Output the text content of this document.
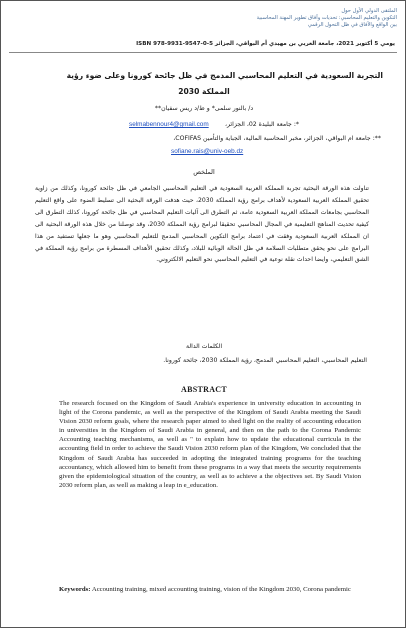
الملتقى الدولي الأول حول
التكوين والتعليم المحاسبي: تحديات وآفاق تطوير المهنة المحاسبية
بين الواقع والآفاق في ظل التحول الرقمي
يومي 5 أكتوبر 2021، جامعة العربي بن مهيدي أم البواقي، الجزائر ISBN 978-9931-9547-0-5
التجربة السعودية في التعليم المحاسبي المدمج في ظل جائحة كورونا وعلى ضوء رؤية
المملكة 2030
د/ بالنور سلمى* و ط/د ريس سفيان**
selmabennour4@gmail.com	*: جامعة البليدة 02، الجزائر،
**: جامعة ام البواقي، الجزائر، مخبر المحاسبة المالية، الجباية والتأمين COFIFAS،
sofiane.rais@univ-oeb.dz
الملخص
تناولت هذه الورقة البحثية تجربة المملكة العربية السعودية في التعليم المحاسبي الجامعي في ظل جائحة كورونا، وكذلك من زاوية تحقيق المملكة العربية السعودية لأهداف برامج رؤية المملكة 2030، حيث هدفت الورقة البحثية الى تسليط الضوء على واقع التعليم المحاسبي بجامعات المملكة العربية السعودية عامة، ثم التطرق الى آليات التعليم المحاسبي في ظل جائحة كورونا، كذلك التطرق الى كيفية تحديث المناهج التعليمية في المجال المحاسبي تحقيقا لبرامج رؤية المملكة 2030، وقد توصلنا من خلال هذه الورقة البحثية الى ان المملكة العربية السعودية وفقت في اعتماد برامج التكوين المحاسبي المدمج للتعليم المحاسبي وهو ما جعلها تستفيد من هذا البرامج على نحو يحقق متطلبات السلامة في ظل الحالة الوبائية للبلاد، وكذلك تحقيق الأهداف المسطرة من برامج رؤية المملكة في الشق التعليمي، وايضا احداث نقلة نوعية في التعليم المحاسبي نحو التعليم الالكتروني.
الكلمات الدالة
التعليم المحاسبي، التعليم المحاسبي المدمج، رؤية المملكة 2030، جائحة كورونا.
ABSTRACT
The research focused on the Kingdom of Saudi Arabia's experience in university education in accounting in light of the Corona pandemic, as well as the perspective of the Kingdom of Saudi Arabia meeting the Saudi Vision 2030 reform goals, where the research paper aimed to shed light on the reality of accounting education in universities in the Kingdom of Saudi Arabia in general, and then on the path to the Corona Pandemic Accounting teaching mechanisms, as well as " to explain how to update the educational curricula in the accounting field in order to achieve the Saudi Vision 2030 reform plan of the Kingdom, We concluded that the Kingdom of Saudi Arabia has succeeded in adopting the integrated training programs for the teaching accountancy, which allowed him to benefit from these programs in a way that meets the security requirements given the epidemiological situation of the country, as well as to achieve a the objectives set. By Saudi Vision 2030 reform plan, as well as making a leap in e_education.
Keywords: Accounting training, mixed accounting training, vision of the Kingdom 2030, Corona pandemic
